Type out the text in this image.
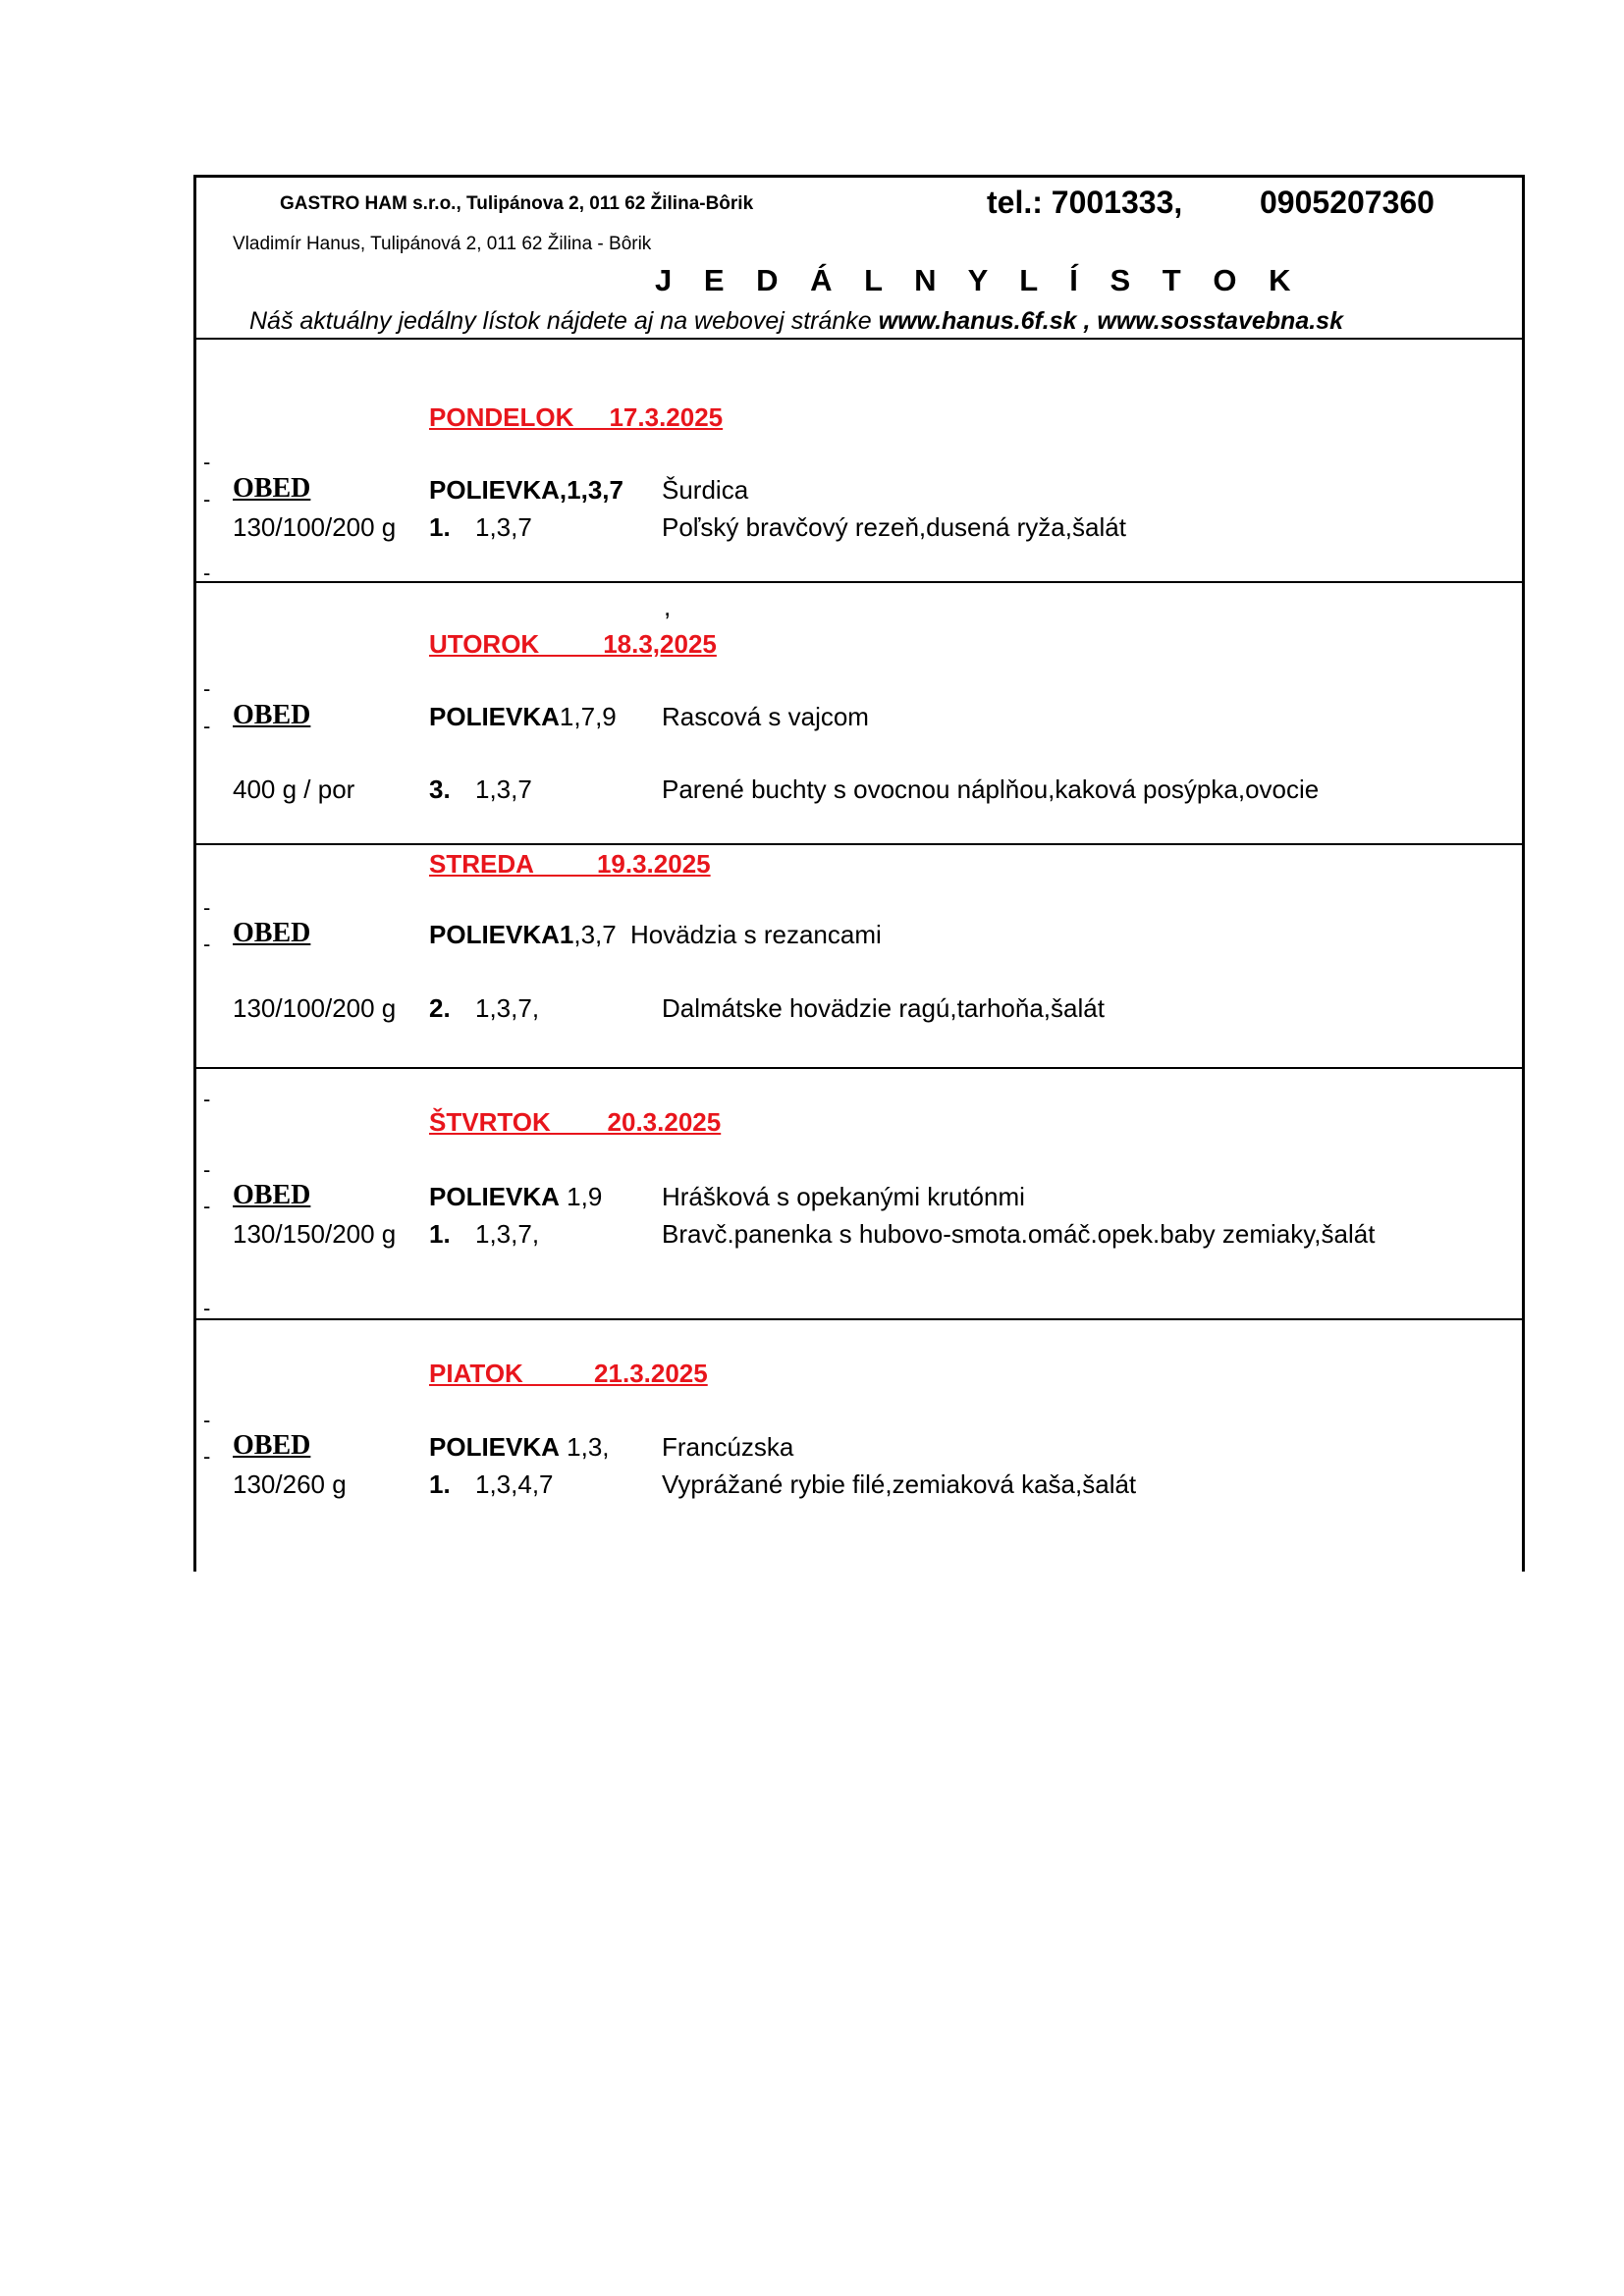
GASTRO HAM s.r.o., Tulipánova 2, 011 62 Žilina-Bôrik	tel.: 7001333, 0905207360
Vladimír Hanus, Tulipánová 2, 011 62 Žilina - Bôrik
J E D Á L N Y L Í S T O K
Náš aktuálny jedálny lístok nájdete aj na webovej stránke www.hanus.6f.sk , www.sosstavebna.sk
PONDELOK     17.3.2025
-
- OBED	POLIEVKA,1,3,7 Šurdica
130/100/200 g 1. 1,3,7	Poľský bravčový rezeň,dusená ryža,šalát
-
,
UTOROK         18.3,2025
-
- OBED	POLIEVKA1,7,9 Rascová s vajcom
400 g / por	3. 1,3,7	Parené buchty s ovocnou náplňou,kaková posýpka,ovocie
STREDA         19.3.2025
-
- OBED	POLIEVKA1,3,7 Hovädzia s rezancami
130/100/200 g 2. 1,3,7,	Dalmátske hovädzie ragú,tarhoňa,šalát
-
ŠTVRTOK        20.3.2025
-
- OBED	POLIEVKA 1,9 Hrášková s opekanými krutónmi
130/150/200 g 1. 1,3,7,	Bravč.panenka s hubovo-smota.omáč.opek.baby zemiaky,šalát
-
PIATOK          21.3.2025
-
- OBED	POLIEVKA 1,3, Francúzska
130/260 g	1. 1,3,4,7	Vyprážané rybie filé,zemiaková kaša,šalát
